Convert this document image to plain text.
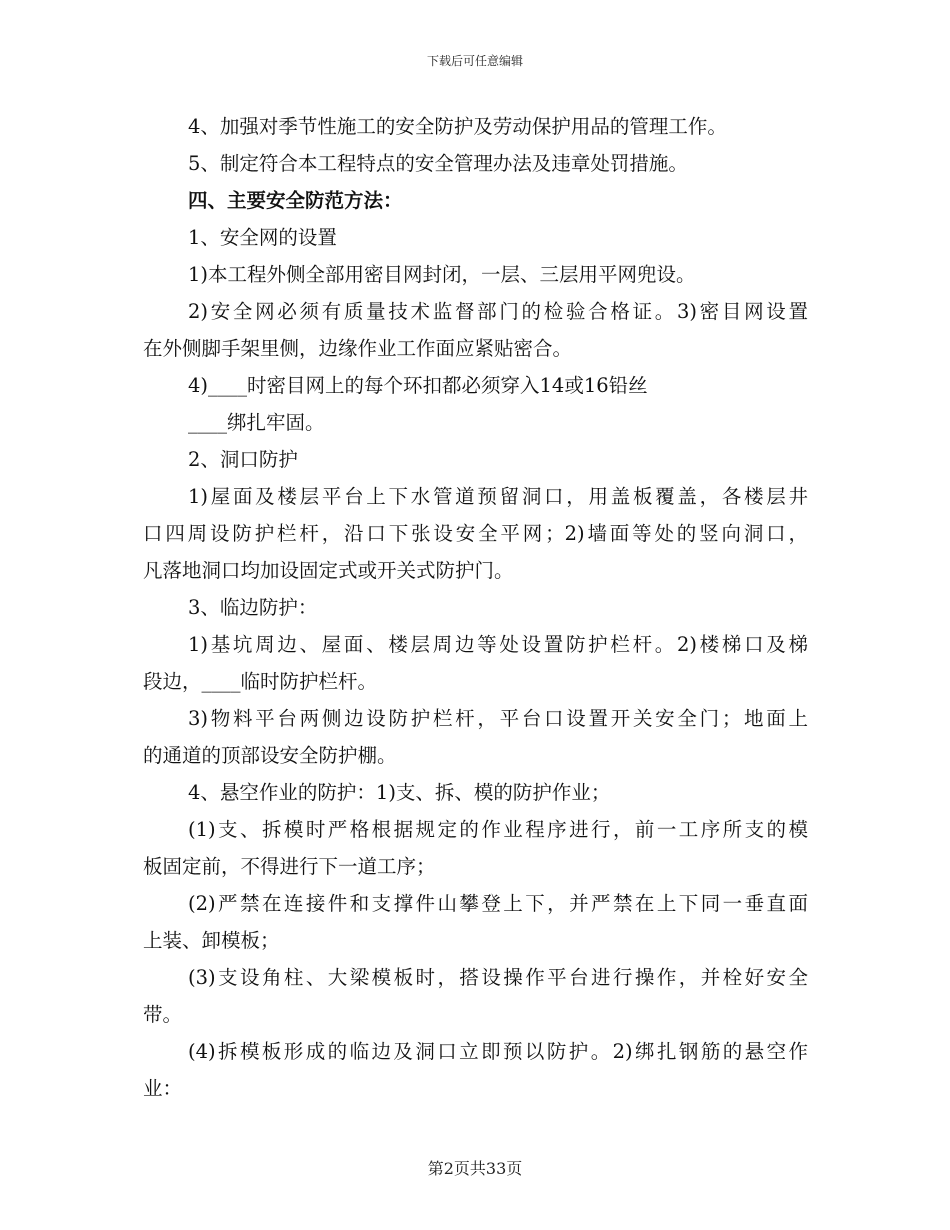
下载后可任意编辑
4、加强对季节性施工的安全防护及劳动保护用品的管理工作。
5、制定符合本工程特点的安全管理办法及违章处罚措施。
四、主要安全防范方法：
1、安全网的设置
1)本工程外侧全部用密目网封闭，一层、三层用平网兜设。
2)安全网必须有质量技术监督部门的检验合格证。3)密目网设置
在外侧脚手架里侧，边缘作业工作面应紧贴密合。
4)____时密目网上的每个环扣都必须穿入14或16铅丝
____绑扎牢固。
2、洞口防护
1)屋面及楼层平台上下水管道预留洞口，用盖板覆盖，各楼层井
口四周设防护栏杆，沿口下张设安全平网；2)墙面等处的竖向洞口，
凡落地洞口均加设固定式或开关式防护门。
3、临边防护：
1)基坑周边、屋面、楼层周边等处设置防护栏杆。2)楼梯口及梯
段边，____临时防护栏杆。
3)物料平台两侧边设防护栏杆，平台口设置开关安全门；地面上
的通道的顶部设安全防护棚。
4、悬空作业的防护：1)支、拆、模的防护作业；
(1)支、拆模时严格根据规定的作业程序进行，前一工序所支的模
板固定前，不得进行下一道工序；
(2)严禁在连接件和支撑件山攀登上下，并严禁在上下同一垂直面
上装、卸模板；
(3)支设角柱、大梁模板时，搭设操作平台进行操作，并栓好安全
带。
(4)拆模板形成的临边及洞口立即预以防护。2)绑扎钢筋的悬空作
业：
第2页共33页
